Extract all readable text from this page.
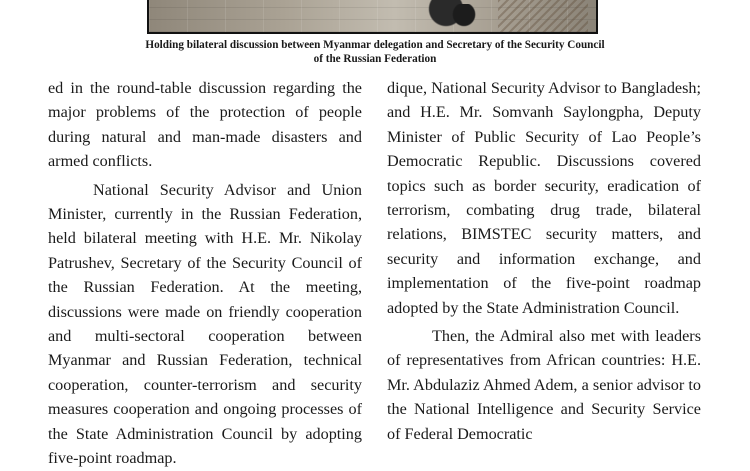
Holding bilateral discussion between Myanmar delegation and Secretary of the Security Council
of the Russian Federation

ed in the round-table discussion regarding the major problems of the protection of people during natural and man-made disasters and armed conflicts.

National Security Advisor and Union Minister, currently in the Russian Federation, held bilateral meeting with H.E. Mr. Nikolay Patrushev, Secretary of the Security Council of the Russian Federation. At the meeting, discussions were made on friendly cooperation and multi-sectoral cooperation between Myanmar and Russian Federation, technical cooperation, counter-terrorism and security measures cooperation and ongoing processes of the State Administration Council by adopting five-point roadmap.

dique, National Security Advisor to Bangladesh; and H.E. Mr. Somvanh Saylongpha, Deputy Minister of Public Security of Lao People’s Democratic Republic. Discussions covered topics such as border security, eradication of terrorism, combating drug trade, bilateral relations, BIMSTEC security matters, and security and information exchange, and implementation of the five-point roadmap adopted by the State Administration Council.

Then, the Admiral also met with leaders of representatives from African countries: H.E. Mr. Abdulaziz Ahmed Adem, a senior advisor to the National Intelligence and Security Service of Federal Democratic
